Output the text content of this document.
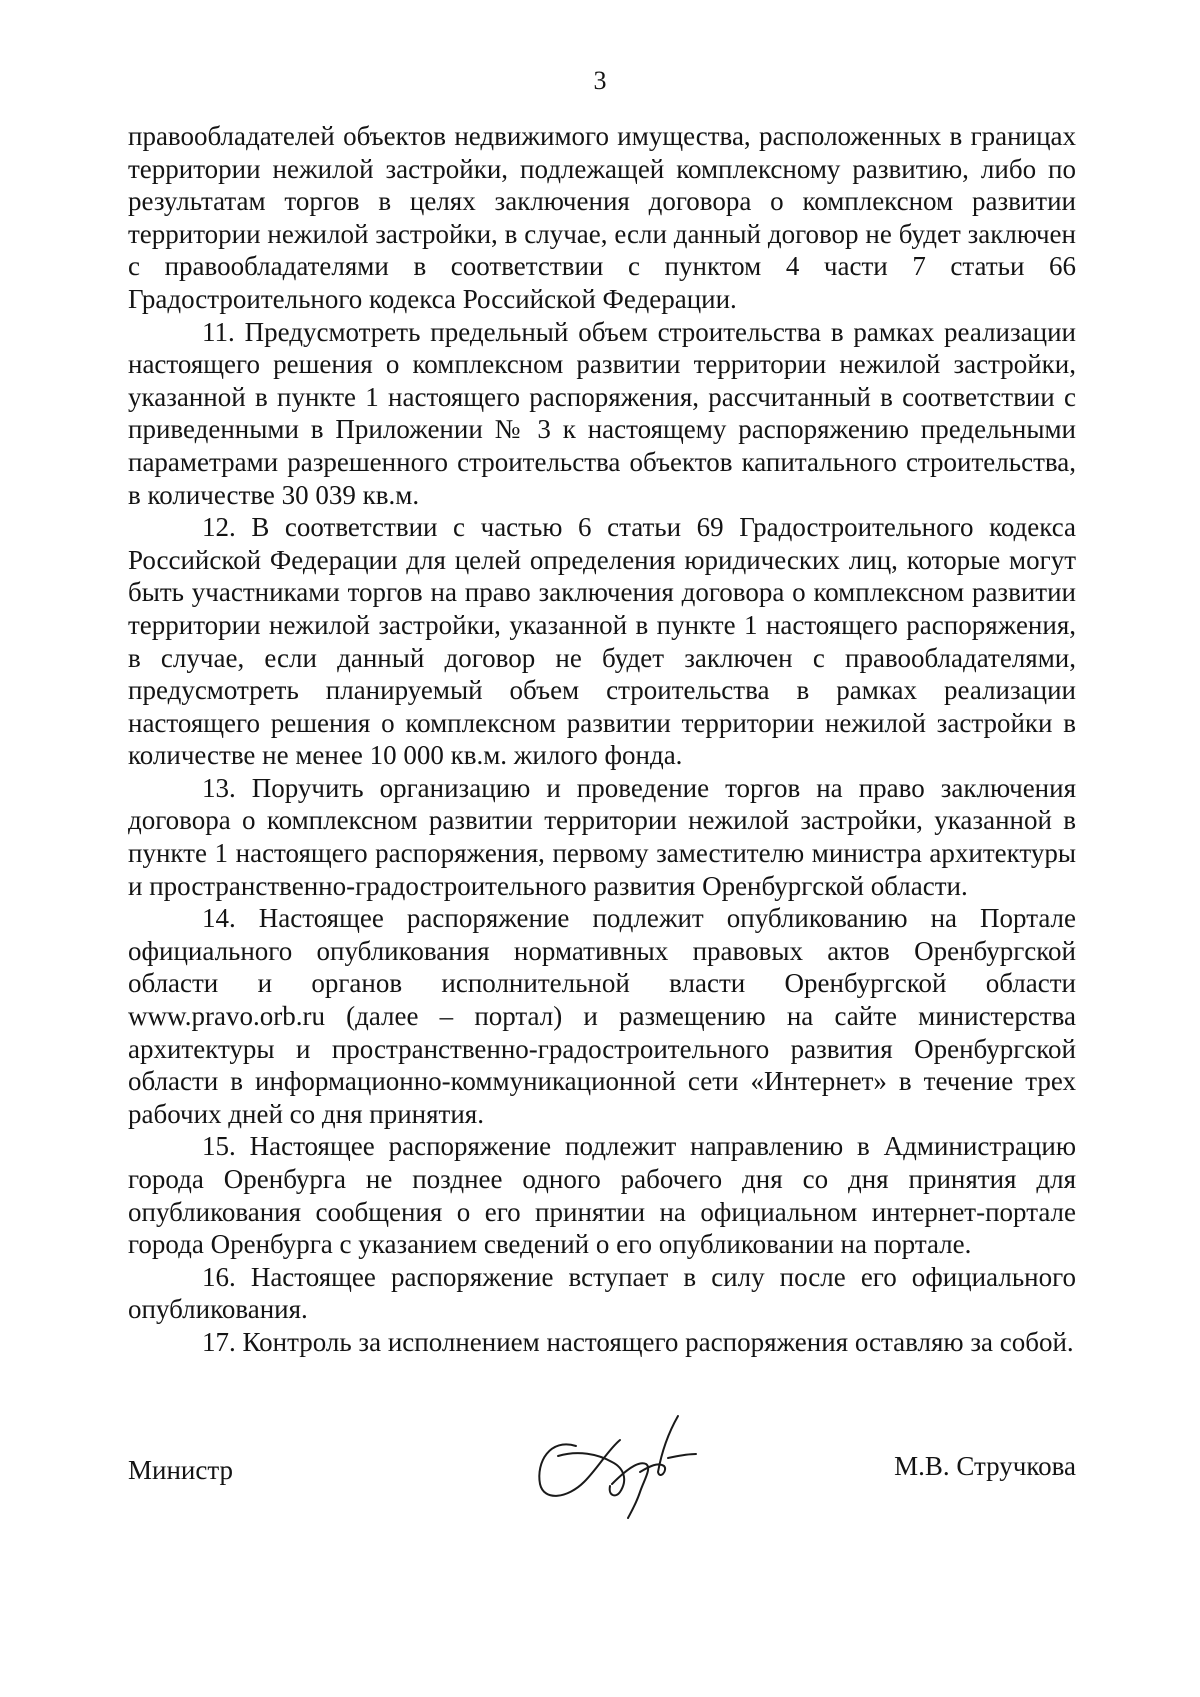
3

правообладателей объектов недвижимого имущества, расположенных в границах территории нежилой застройки, подлежащей комплексному развитию, либо по результатам торгов в целях заключения договора о комплексном развитии территории нежилой застройки, в случае, если данный договор не будет заключен с правообладателями в соответствии с пунктом 4 части 7 статьи 66 Градостроительного кодекса Российской Федерации.

11. Предусмотреть предельный объем строительства в рамках реализации настоящего решения о комплексном развитии территории нежилой застройки, указанной в пункте 1 настоящего распоряжения, рассчитанный в соответствии с приведенными в Приложении № 3 к настоящему распоряжению предельными параметрами разрешенного строительства объектов капитального строительства, в количестве 30 039 кв.м.

12. В соответствии с частью 6 статьи 69 Градостроительного кодекса Российской Федерации для целей определения юридических лиц, которые могут быть участниками торгов на право заключения договора о комплексном развитии территории нежилой застройки, указанной в пункте 1 настоящего распоряжения, в случае, если данный договор не будет заключен с правообладателями, предусмотреть планируемый объем строительства в рамках реализации настоящего решения о комплексном развитии территории нежилой застройки в количестве не менее 10 000 кв.м. жилого фонда.

13. Поручить организацию и проведение торгов на право заключения договора о комплексном развитии территории нежилой застройки, указанной в пункте 1 настоящего распоряжения, первому заместителю министра архитектуры и пространственно-градостроительного развития Оренбургской области.

14. Настоящее распоряжение подлежит опубликованию на Портале официального опубликования нормативных правовых актов Оренбургской области и органов исполнительной власти Оренбургской области www.pravo.orb.ru (далее – портал) и размещению на сайте министерства архитектуры и пространственно-градостроительного развития Оренбургской области в информационно-коммуникационной сети «Интернет» в течение трех рабочих дней со дня принятия.

15. Настоящее распоряжение подлежит направлению в Администрацию города Оренбурга не позднее одного рабочего дня со дня принятия для опубликования сообщения о его принятии на официальном интернет-портале города Оренбурга с указанием сведений о его опубликовании на портале.

16. Настоящее распоряжение вступает в силу после его официального опубликования.

17. Контроль за исполнением настоящего распоряжения оставляю за собой.

Министр	М.В. Стручкова
